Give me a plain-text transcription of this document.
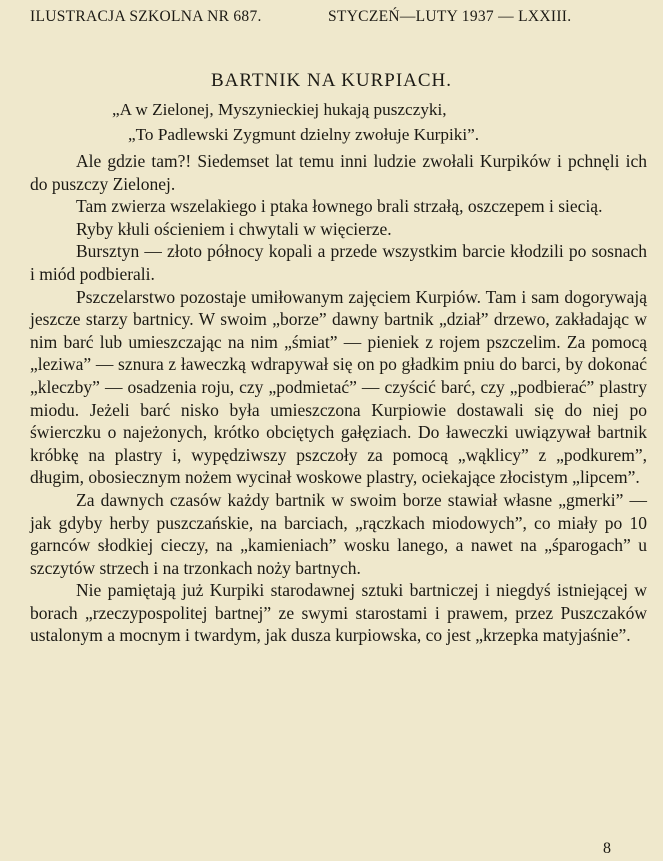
ILUSTRACJA SZKOLNA NR 687.	STYCZEŃ—LUTY 1937 — LXXIII.
BARTNIK NA KURPIACH.
„A w Zielonej, Myszynieckiej hukają puszczyki,
„To Padlewski Zygmunt dzielny zwołuje Kurpiki”.

Ale gdzie tam?! Siedemset lat temu inni ludzie zwołali Kurpików i pchnęli ich do puszczy Zielonej.

Tam zwierza wszelakiego i ptaka łownego brali strzałą, oszczepem i siecią.

Ryby kłuli ościeniem i chwytali w więcierze.

Bursztyn — złoto północy kopali a przede wszystkim barcie kłodzili po sosnach i miód podbierali.

Pszczelarstwo pozostaje umiłowanym zajęciem Kurpiów. Tam i sam dogorywają jeszcze starzy bartnicy. W swoim „borze” dawny bartnik „dział” drzewo, zakładając w nim barć lub umieszczając na nim „śmiat” — pieniek z rojem pszczelim. Za pomocą „leziwa” — sznura z ławeczką wdrapywał się on po gładkim pniu do barci, by dokonać „kleczby” — osadzenia roju, czy „podmietać” — czyścić barć, czy „podbierać” plastry miodu. Jeżeli barć nisko była umieszczona Kurpiowie dostawali się do niej po świerczku o najeżonych, krótko obciętych gałęziach. Do ławeczki uwiązywał bartnik króbkę na plastry i, wypędziwszy pszczoły za pomocą „wąklicy” z „podkurem”, długim, obosiecznym nożem wycinał woskowe plastry, ociekające złocistym „lipcem”.

Za dawnych czasów każdy bartnik w swoim borze stawiał własne „gmerki” — jak gdyby herby puszczańskie, na barciach, „rączkach miodowych”, co miały po 10 garnców słodkiej cieczy, na „kamieniach” wosku lanego, a nawet na „śparogach” u szczytów strzech i na trzonkach noży bartnych.

Nie pamiętają już Kurpiki starodawnej sztuki bartniczej i niegdyś istniejącej w borach „rzeczypospolitej bartnej” ze swymi starostami i prawem, przez Puszczaków ustalonym a mocnym i twardym, jak dusza kurpiowska, co jest „krzepka matyjaśnie”.

8
